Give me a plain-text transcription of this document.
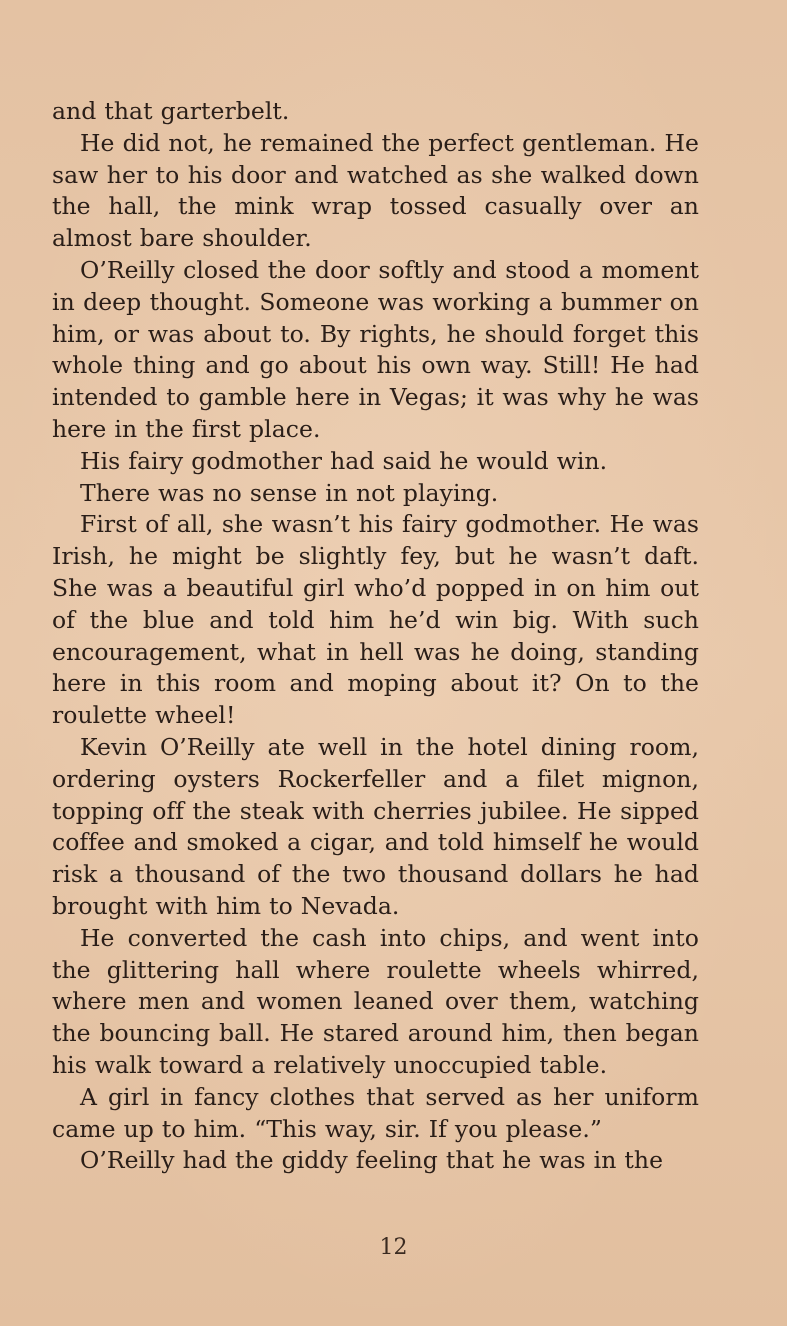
and that garterbelt.

He did not, he remained the perfect gentleman. He saw her to his door and watched as she walked down the hall, the mink wrap tossed casually over an almost bare shoulder.

O’Reilly closed the door softly and stood a moment in deep thought. Someone was working a bummer on him, or was about to. By rights, he should forget this whole thing and go about his own way. Still! He had intended to gamble here in Vegas; it was why he was here in the first place.

His fairy godmother had said he would win.

There was no sense in not playing.

First of all, she wasn’t his fairy godmother. He was Irish, he might be slightly fey, but he wasn’t daft. She was a beautiful girl who’d popped in on him out of the blue and told him he’d win big. With such encouragement, what in hell was he doing, standing here in this room and moping about it? On to the roulette wheel!

Kevin O’Reilly ate well in the hotel dining room, ordering oysters Rockerfeller and a filet mignon, topping off the steak with cherries jubilee. He sipped coffee and smoked a cigar, and told himself he would risk a thousand of the two thousand dollars he had brought with him to Nevada.

He converted the cash into chips, and went into the glittering hall where roulette wheels whirred, where men and women leaned over them, watching the bouncing ball. He stared around him, then began his walk toward a relatively unoccupied table.

A girl in fancy clothes that served as her uniform came up to him. “This way, sir. If you please.”

O’Reilly had the giddy feeling that he was in the

12
